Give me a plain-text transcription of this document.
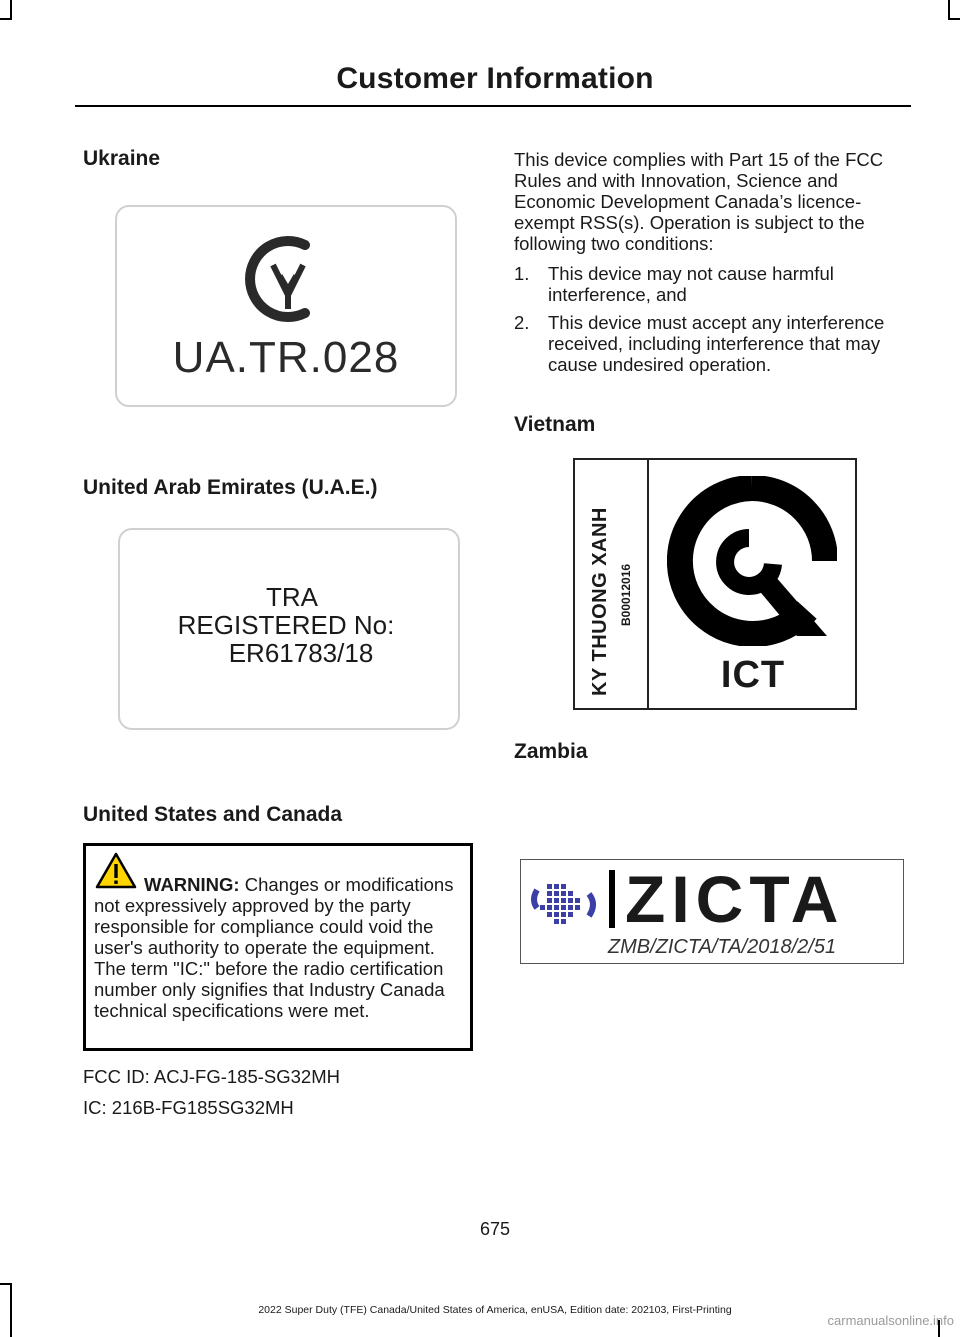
Customer Information
Ukraine
UA.TR.028
United Arab Emirates (U.A.E.)
TRA
REGISTERED No:
ER61783/18
United States and Canada
WARNING: Changes or modifications not expressively approved by the party responsible for compliance could void the user's authority to operate the equipment. The term "IC:" before the radio certification number only signifies that Industry Canada technical specifications were met.
FCC ID: ACJ-FG-185-SG32MH
IC: 216B-FG185SG32MH
This device complies with Part 15 of the FCC Rules and with Innovation, Science and Economic Development Canada’s licence-exempt RSS(s). Operation is subject to the following two conditions:
1. This device may not cause harmful interference, and
2. This device must accept any interference received, including interference that may cause undesired operation.
Vietnam
KY THUONG XANH B00012016
ICT
Zambia
ZICTA
ZMB/ZICTA/TA/2018/2/51
675
2022 Super Duty (TFE) Canada/United States of America, enUSA, Edition date: 202103, First-Printing
carmanualsonline.info
